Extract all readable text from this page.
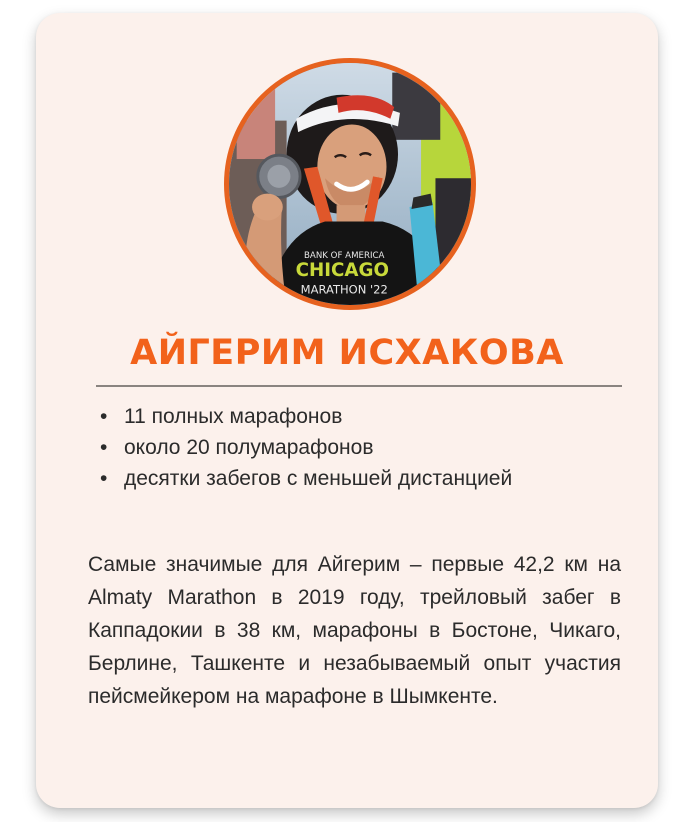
BANK OF AMERICA
CHICAGO
MARATHON '22
АЙГЕРИМ ИСХАКОВА
• 11 полных марафонов
• около 20 полумарафонов
• десятки забегов с меньшей дистанцией

Самые значимые для Айгерим – первые 42,2 км на Almaty Marathon в 2019 году, трейловый забег в Каппадокии в 38 км, марафоны в Бостоне, Чикаго, Берлине, Ташкенте и незабываемый опыт участия пейсмейкером на марафоне в Шымкенте.
